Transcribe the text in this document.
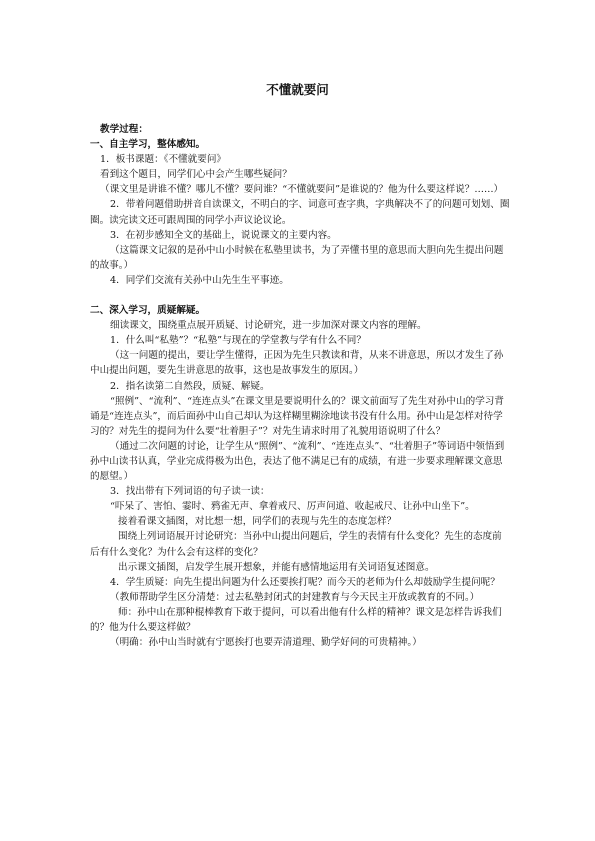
不懂就要问

教学过程：

一、自主学习，整体感知。

1．板书课题：《不懂就要问》

看到这个题目，同学们心中会产生哪些疑问？

（课文里是讲谁不懂？哪儿不懂？要问谁？“不懂就要问”是谁说的？他为什么要这样说？……）

2．带着问题借助拼音自读课文，不明白的字、词意可查字典，字典解决不了的问题可划划、圈圈。读完读文还可跟周围的同学小声议论议论。

3．在初步感知全文的基础上，说说课文的主要内容。

（这篇课文记叙的是孙中山小时候在私塾里读书，为了弄懂书里的意思而大胆向先生提出问题的故事。）

4．同学们交流有关孙中山先生生平事迹。

二、深入学习，质疑解疑。

细读课文，围绕重点展开质疑、讨论研究，进一步加深对课文内容的理解。

1．什么叫“私塾”？“私塾”与现在的学堂教与学有什么不同？

（这一问题的提出，要让学生懂得，正因为先生只教读和背，从来不讲意思，所以才发生了孙中山提出问题，要先生讲意思的故事，这也是故事发生的原因。）

2．指名读第二自然段，质疑、解疑。

“照例”、“流利”、“连连点头”在课文里是要说明什么的？课文前面写了先生对孙中山的学习背诵是“连连点头”，而后面孙中山自己却认为这样糊里糊涂地读书没有什么用。孙中山是怎样对待学习的？对先生的提问为什么要“壮着胆子”？对先生请求时用了礼貌用语说明了什么？

（通过二次问题的讨论，让学生从“照例”、“流利”、“连连点头”、“壮着胆子”等词语中领悟到孙中山读书认真，学业完成得极为出色，表达了他不满足已有的成绩，有进一步要求理解课文意思的愿望。）

3．找出带有下列词语的句子读一读：

“吓呆了、害怕、霎时、鸦雀无声、拿着戒尺、厉声问道、收起戒尺、让孙中山坐下”。

接着看课文插图，对比想一想，同学们的表现与先生的态度怎样？

围绕上列词语展开讨论研究：当孙中山提出问题后，学生的表情有什么变化？先生的态度前后有什么变化？为什么会有这样的变化？

出示课文插图，启发学生展开想象，并能有感情地运用有关词语复述图意。

4．学生质疑：向先生提出问题为什么还要挨打呢？而今天的老师为什么却鼓励学生提问呢？

（教师帮助学生区分清楚：过去私塾封闭式的封建教育与今天民主开放或教育的不同。）

师：孙中山在那种棍棒教育下敢于提问，可以看出他有什么样的精神？课文是怎样告诉我们的？他为什么要这样做？

（明确：孙中山当时就有宁愿挨打也要弄清道理、勤学好问的可贵精神。）
